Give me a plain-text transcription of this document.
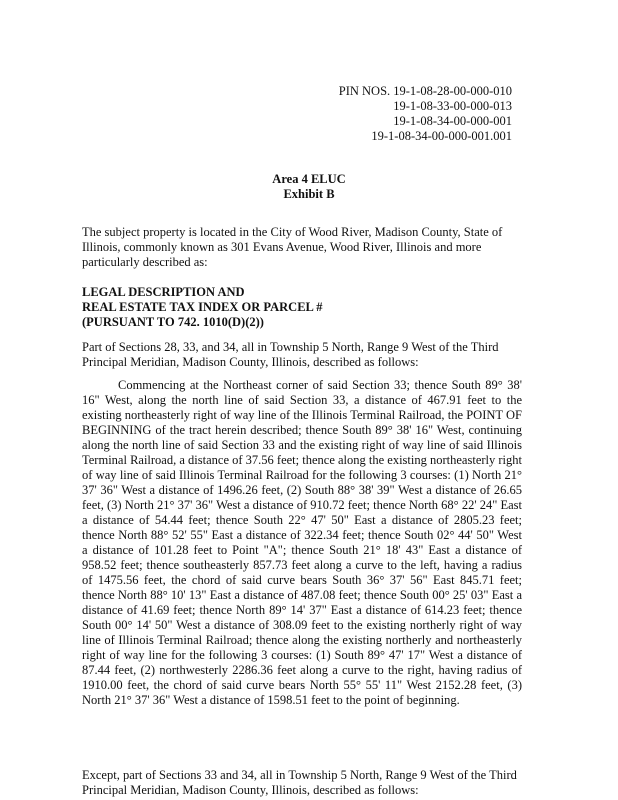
PIN NOS. 19-1-08-28-00-000-010
19-1-08-33-00-000-013
19-1-08-34-00-000-001
19-1-08-34-00-000-001.001
Area 4 ELUC
Exhibit B
The subject property is located in the City of Wood River, Madison County, State of Illinois, commonly known as 301 Evans Avenue, Wood River, Illinois and more particularly described as:
LEGAL DESCRIPTION AND
REAL ESTATE TAX INDEX OR PARCEL #
(PURSUANT TO 742. 1010(D)(2))
Part of Sections 28, 33, and 34, all in Township 5 North, Range 9 West of the Third Principal Meridian, Madison County, Illinois, described as follows:
Commencing at the Northeast corner of said Section 33; thence South 89° 38' 16" West, along the north line of said Section 33, a distance of 467.91 feet to the existing northeasterly right of way line of the Illinois Terminal Railroad, the POINT OF BEGINNING of the tract herein described; thence South 89° 38' 16" West, continuing along the north line of said Section 33 and the existing right of way line of said Illinois Terminal Railroad, a distance of 37.56 feet; thence along the existing northeasterly right of way line of said Illinois Terminal Railroad for the following 3 courses: (1) North 21° 37' 36" West a distance of 1496.26 feet, (2) South 88° 38' 39" West a distance of 26.65 feet, (3) North 21° 37' 36" West a distance of 910.72 feet; thence North 68° 22' 24" East a distance of 54.44 feet; thence South 22° 47' 50" East a distance of 2805.23 feet; thence North 88° 52' 55" East a distance of 322.34 feet; thence South 02° 44' 50" West a distance of 101.28 feet to Point "A"; thence South 21° 18' 43" East a distance of 958.52 feet; thence southeasterly 857.73 feet along a curve to the left, having a radius of 1475.56 feet, the chord of said curve bears South 36° 37' 56" East 845.71 feet; thence North 88° 10' 13" East a distance of 487.08 feet; thence South 00° 25' 03" East a distance of 41.69 feet; thence North 89° 14' 37" East a distance of 614.23 feet; thence South 00° 14' 50" West a distance of 308.09 feet to the existing northerly right of way line of Illinois Terminal Railroad; thence along the existing northerly and northeasterly right of way line for the following 3 courses: (1) South 89° 47' 17" West a distance of 87.44 feet, (2) northwesterly 2286.36 feet along a curve to the right, having radius of 1910.00 feet, the chord of said curve bears North 55° 55' 11" West 2152.28 feet, (3) North 21° 37' 36" West a distance of 1598.51 feet to the point of beginning.
Except, part of Sections 33 and 34, all in Township 5 North, Range 9 West of the Third Principal Meridian, Madison County, Illinois, described as follows:
